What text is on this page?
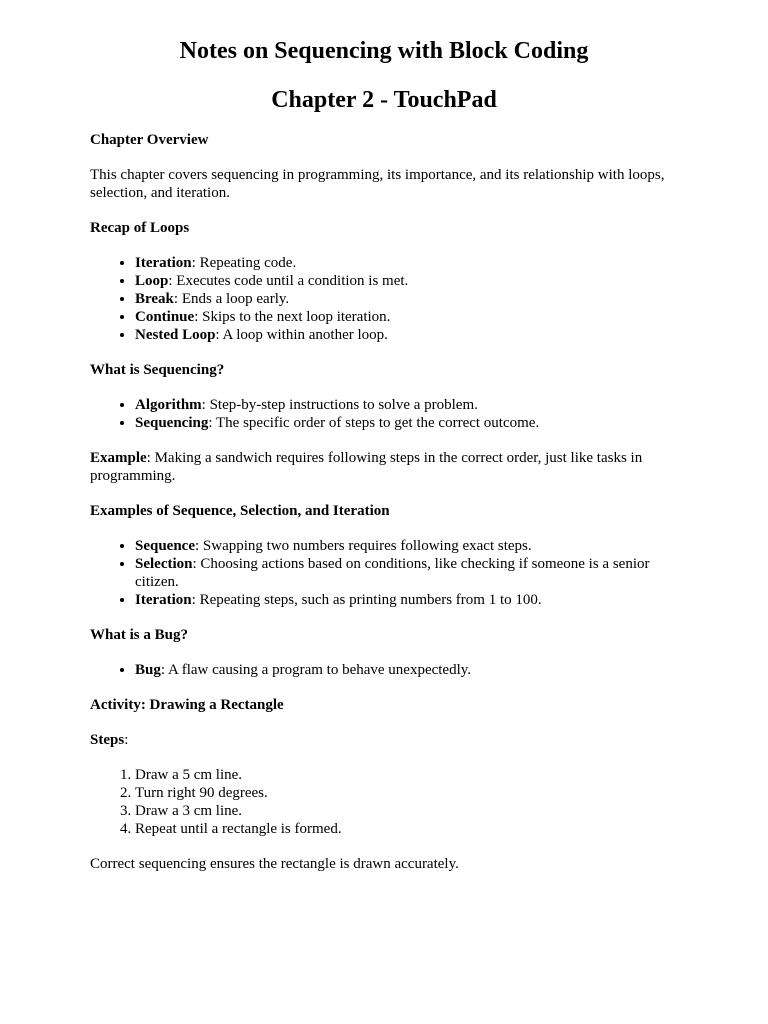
Notes on Sequencing with Block Coding
Chapter 2 - TouchPad
Chapter Overview

This chapter covers sequencing in programming, its importance, and its relationship with loops, selection, and iteration.

Recap of Loops
• Iteration: Repeating code.
• Loop: Executes code until a condition is met.
• Break: Ends a loop early.
• Continue: Skips to the next loop iteration.
• Nested Loop: A loop within another loop.
What is Sequencing?
• Algorithm: Step-by-step instructions to solve a problem.
• Sequencing: The specific order of steps to get the correct outcome.

Example: Making a sandwich requires following steps in the correct order, just like tasks in programming.

Examples of Sequence, Selection, and Iteration
• Sequence: Swapping two numbers requires following exact steps.
• Selection: Choosing actions based on conditions, like checking if someone is a senior citizen.
• Iteration: Repeating steps, such as printing numbers from 1 to 100.
What is a Bug?
• Bug: A flaw causing a program to behave unexpectedly.
Activity: Drawing a Rectangle

Steps:

1. Draw a 5 cm line.
2. Turn right 90 degrees.
3. Draw a 3 cm line.
4. Repeat until a rectangle is formed.

Correct sequencing ensures the rectangle is drawn accurately.
